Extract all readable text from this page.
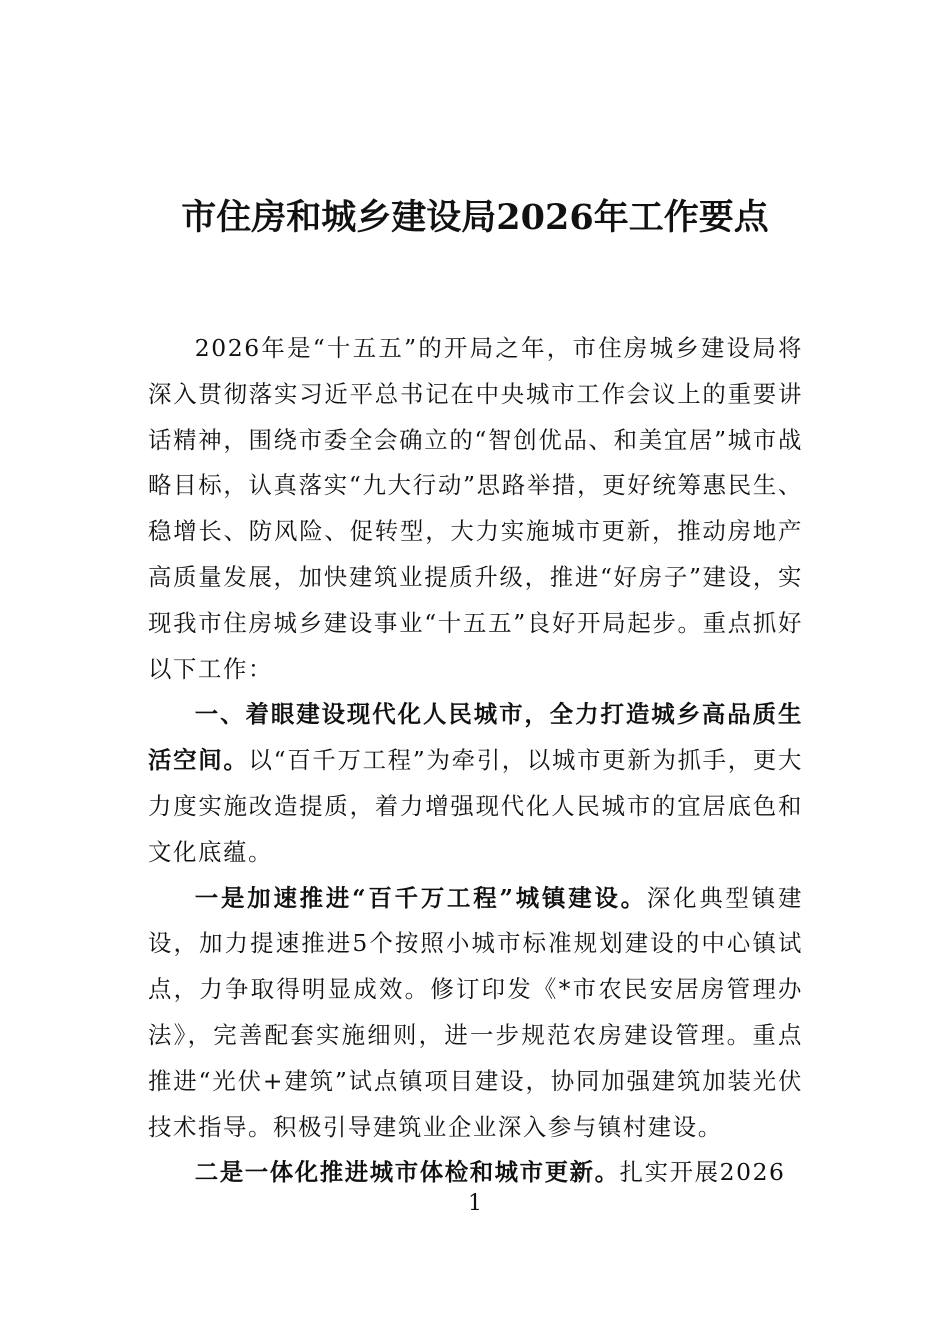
市住房和城乡建设局2026年工作要点

2026年是“十五五”的开局之年，市住房城乡建设局将深入贯彻落实习近平总书记在中央城市工作会议上的重要讲话精神，围绕市委全会确立的“智创优品、和美宜居”城市战略目标，认真落实“九大行动”思路举措，更好统筹惠民生、稳增长、防风险、促转型，大力实施城市更新，推动房地产高质量发展，加快建筑业提质升级，推进“好房子”建设，实现我市住房城乡建设事业“十五五”良好开局起步。重点抓好以下工作：

一、着眼建设现代化人民城市，全力打造城乡高品质生活空间。以“百千万工程”为牵引，以城市更新为抓手，更大力度实施改造提质，着力增强现代化人民城市的宜居底色和文化底蕴。

一是加速推进“百千万工程”城镇建设。深化典型镇建设，加力提速推进5个按照小城市标准规划建设的中心镇试点，力争取得明显成效。修订印发《*市农民安居房管理办法》，完善配套实施细则，进一步规范农房建设管理。重点推进“光伏+建筑”试点镇项目建设，协同加强建筑加装光伏技术指导。积极引导建筑业企业深入参与镇村建设。

二是一体化推进城市体检和城市更新。扎实开展2026

1
